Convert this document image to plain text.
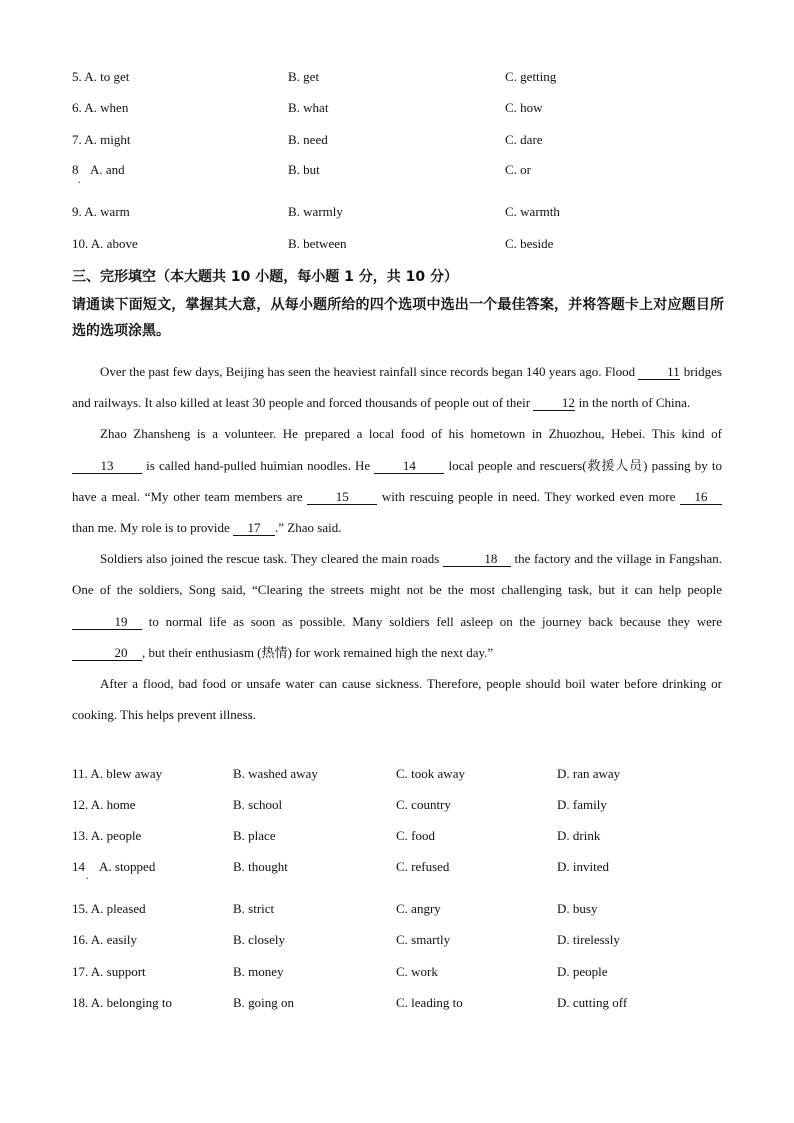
5. A. to get	B. get	C. getting
6. A. when	B. what	C. how
7. A. might	B. need	C. dare
8
.
A. and	B. but	C. or
9. A. warm	B. warmly	C. warmth
10. A. above	B. between	C. beside
三、完形填空（本大题共 10 小题，每小题 1 分，共 10 分）
请通读下面短文，掌握其大意，从每小题所给的四个选项中选出一个最佳答案，并将答题卡上对应题目所选的选项涂黑。

Over the past few days, Beijing has seen the heaviest rainfall since records began 140 years ago. Flood 11 bridges and railways. It also killed at least 30 people and forced thousands of people out of their 12 in the north of China.

Zhao Zhansheng is a volunteer. He prepared a local food of his hometown in Zhuozhou, Hebei. This kind of 13 is called hand-pulled huimian noodles. He 14 local people and rescuers(救援人员) passing by to have a meal. “My other team members are 15 with rescuing people in need. They worked even more 16 than me. My role is to provide 17 .” Zhao said.

Soldiers also joined the rescue task. They cleared the main roads	18 the factory and the village in Fangshan. One of the soldiers, Song said, “Clearing the streets might not be the most challenging task, but it can help people 19 to normal life as soon as possible. Many soldiers fell asleep on the journey back because they were 20 , but their enthusiasm (热情) for work remained high the next day.”

After a flood, bad food or unsafe water can cause sickness. Therefore, people should boil water before drinking or cooking. This helps prevent illness.

11. A. blew away	B. washed away	C. took away	D. ran away
12. A. home	B. school	C. country	D. family
13. A. people	B. place	C. food	D. drink
14
.
A. stopped	B. thought	C. refused	D. invited
15. A. pleased	B. strict	C. angry	D. busy
16. A. easily	B. closely	C. smartly	D. tirelessly
17. A. support	B. money	C. work	D. people
18. A. belonging to	B. going on	C. leading to	D. cutting off
